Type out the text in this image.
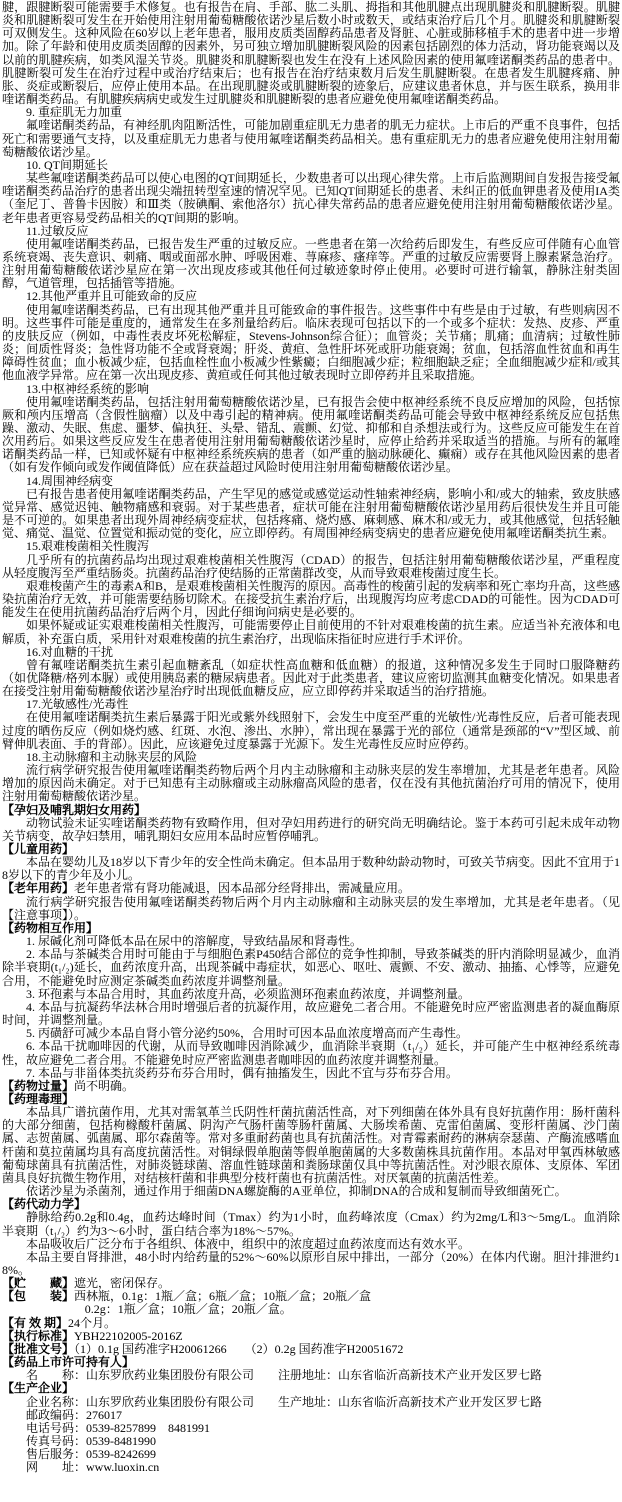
腱，跟腱断裂可能需要手术修复。也有报告在肩、手部、肱二头肌、拇指和其他肌腱点出现肌腱炎和肌腱断裂。肌腱炎和肌腱断裂可发生在开始使用注射用葡萄糖酸依诺沙星后数小时或数天，或结束治疗后几个月。肌腱炎和肌腱断裂可双侧发生。这种风险在60岁以上老年患者，服用皮质类固醇药品患者及肾脏、心脏或肺移植手术的患者中进一步增加。除了年龄和使用皮质类固醇的因素外，另可独立增加肌腱断裂风险的因素包括剧烈的体力活动，肾功能衰竭以及以前的肌腱疾病，如类风湿关节炎。肌腱炎和肌腱断裂也发生在没有上述风险因素的使用氟喹诺酮类药品的患者中。肌腱断裂可发生在治疗过程中或治疗结束后；也有报告在治疗结束数月后发生肌腱断裂。在患者发生肌腱疼痛、肿胀、炎症或断裂后，应停止使用本品。在出现肌腱炎或肌腱断裂的迹象后，应建议患者休息，并与医生联系，换用非喹诺酮类药品。有肌腱疾病病史或发生过肌腱炎和肌腱断裂的患者应避免使用氟喹诺酮类药品。

9. 重症肌无力加重

氟喹诺酮类药品，有神经肌肉阻断活性，可能加剧重症肌无力患者的肌无力症状。上市后的严重不良事件，包括死亡和需要通气支持，以及重症肌无力患者与使用氟喹诺酮类药品相关。患有重症肌无力的患者应避免使用注射用葡萄糖酸依诺沙星。

10. QT间期延长

某些氟喹诺酮类药品可以使心电图的QT间期延长，少数患者可以出现心律失常。上市后监测期间自发报告接受氟喹诺酮类药品治疗的患者出现尖端扭转型室速的情况罕见。已知QT间期延长的患者、未纠正的低血钾患者及使用IA类（奎尼丁、普鲁卡因胺）和Ⅲ类（胺碘酮、索他洛尔）抗心律失常药品的患者应避免使用注射用葡萄糖酸依诺沙星。老年患者更容易受药品相关的QT间期的影响。

11.过敏反应

使用氟喹诺酮类药品，已报告发生严重的过敏反应。一些患者在第一次给药后即发生，有些反应可伴随有心血管系统衰竭、丧失意识、刺痛、咽或面部水肿、呼吸困难、荨麻疹、瘙痒等。严重的过敏反应需要肾上腺素紧急治疗。注射用葡萄糖酸依诺沙星应在第一次出现皮疹或其他任何过敏迹象时停止使用。必要时可进行输氧，静脉注射类固醇，气道管理，包括插管等措施。

12.其他严重并且可能致命的反应

使用氟喹诺酮类药品，已有出现其他严重并且可能致命的事件报告。这些事件中有些是由于过敏，有些则病因不明。这些事件可能是重度的，通常发生在多剂量给药后。临床表现可包括以下的一个或多个症状：发热、皮疹、严重的皮肤反应（例如，中毒性表皮坏死松解症，Stevens-Johnson综合征）；血管炎；关节痛；肌痛；血清病；过敏性肺炎；间质性肾炎；急性肾功能不全或肾衰竭；肝炎、黄疸、急性肝坏死或肝功能衰竭；贫血，包括溶血性贫血和再生障碍性贫血；血小板减少症，包括血栓性血小板减少性紫癜；白细胞减少症；粒细胞缺乏症；全血细胞减少症和/或其他血液学异常。应在第一次出现皮疹、黄疸或任何其他过敏表现时立即停药并且采取措施。

13.中枢神经系统的影响

使用氟喹诺酮类药品，包括注射用葡萄糖酸依诺沙星，已有报告会使中枢神经系统不良反应增加的风险，包括惊厥和颅内压增高（含假性脑瘤）以及中毒引起的精神病。使用氟喹诺酮类药品可能会导致中枢神经系统反应包括焦躁、激动、失眠、焦虑、噩梦、偏执狂、头晕、错乱、震颤、幻觉、抑郁和自杀想法或行为。这些反应可能发生在首次用药后。如果这些反应发生在患者使用注射用葡萄糖酸依诺沙星时，应停止给药并采取适当的措施。与所有的氟喹诺酮类药品一样，已知或怀疑有中枢神经系统疾病的患者（如严重的脑动脉硬化、癫痫）或存在其他风险因素的患者（如有发作倾向或发作阈值降低）应在获益超过风险时使用注射用葡萄糖酸依诺沙星。

14.周围神经病变

已有报告患者使用氟喹诺酮类药品，产生罕见的感觉或感觉运动性轴索神经病，影响小和/或大的轴索，致皮肤感觉异常、感觉迟钝、触物痛感和衰弱。对于某些患者，症状可能在注射用葡萄糖酸依诺沙星用药后很快发生并且可能是不可逆的。如果患者出现外周神经病变症状，包括疼痛、烧灼感、麻刺感、麻木和/或无力，或其他感觉，包括轻触觉、痛觉、温觉、位置觉和振动觉的变化，应立即停药。有周围神经病变病史的患者应避免使用氟喹诺酮类抗生素。

15.艰难梭菌相关性腹泻

几乎所有的抗菌药品均出现过艰难梭菌相关性腹泻（CDAD）的报告，包括注射用葡萄糖酸依诺沙星，严重程度从轻度腹泻至严重结肠炎。抗菌药品治疗使结肠的正常菌群改变，从而导致艰难梭菌过度生长。

艰难梭菌产生的毒素A和B，是艰难梭菌相关性腹泻的原因。高毒性的梭菌引起的发病率和死亡率均升高，这些感染抗菌治疗无效，并可能需要结肠切除术。在接受抗生素治疗后，出现腹泻均应考虑CDAD的可能性。因为CDAD可能发生在使用抗菌药品治疗后两个月，因此仔细询问病史是必要的。

如果怀疑或证实艰难梭菌相关性腹泻，可能需要停止目前使用的不针对艰难梭菌的抗生素。应适当补充液体和电解质，补充蛋白质，采用针对艰难梭菌的抗生素治疗，出现临床指征时应进行手术评价。

16.对血糖的干扰

曾有氟喹诺酮类抗生素引起血糖紊乱（如症状性高血糖和低血糖）的报道，这种情况多发生于同时口服降糖药（如优降糖/格列本脲）或使用胰岛素的糖尿病患者。因此对于此类患者，建议应密切监测其血糖变化情况。如果患者在接受注射用葡萄糖酸依诺沙星治疗时出现低血糖反应，应立即停药并采取适当的治疗措施。

17.光敏感性/光毒性

在使用氟喹诺酮类抗生素后暴露于阳光或紫外线照射下，会发生中度至严重的光敏性/光毒性反应，后者可能表现过度的晒伤反应（例如烧灼感、红斑、水泡、渗出、水肿），常出现在暴露于光的部位（通常是颈部的“V”型区域、前臂伸肌表面、手的背部）。因此，应该避免过度暴露于光源下。发生光毒性反应时应停药。

18.主动脉瘤和主动脉夹层的风险

流行病学研究报告使用氟喹诺酮类药物后两个月内主动脉瘤和主动脉夹层的发生率增加，尤其是老年患者。风险增加的原因尚未确定。对于已知患有主动脉瘤或主动脉瘤高风险的患者，仅在没有其他抗菌治疗可用的情况下，使用注射用葡萄糖酸依诺沙星。

【孕妇及哺乳期妇女用药】

动物试验未证实喹诺酮类药物有致畸作用，但对孕妇用药进行的研究尚无明确结论。鉴于本药可引起未成年动物关节病变，故孕妇禁用，哺乳期妇女应用本品时应暂停哺乳。

【儿童用药】

本品在婴幼儿及18岁以下青少年的安全性尚未确定。但本品用于数种幼龄动物时，可致关节病变。因此不宜用于18岁以下的青少年及小儿。

【老年用药】老年患者常有肾功能减退，因本品部分经肾排出，需减量应用。

流行病学研究报告使用氟喹诺酮类药物后两个月内主动脉瘤和主动脉夹层的发生率增加，尤其是老年患者。（见【注意事项】）。

【药物相互作用】

1. 尿碱化剂可降低本品在尿中的溶解度，导致结晶尿和肾毒性。

2. 本品与茶碱类合用时可能由于与细胞色素P450结合部位的竞争性抑制，导致茶碱类的肝内消除明显减少，血消除半衰期(t₁/₂)延长，血药浓度升高，出现茶碱中毒症状，如恶心、呕吐、震颤、不安、激动、抽搐、心悸等，应避免合用，不能避免时应测定茶碱类血药浓度并调整剂量。

3. 环孢素与本品合用时，其血药浓度升高，必须监测环孢素血药浓度，并调整剂量。

4. 本品与抗凝药华法林合用时增强后者的抗凝作用，故应避免二者合用。不能避免时应严密监测患者的凝血酶原时间，并调整剂量。

5. 丙磺舒可减少本品自肾小管分泌约50%，合用时可因本品血浓度增高而产生毒性。

6. 本品干扰咖啡因的代谢，从而导致咖啡因消除减少，血消除半衰期（t₁/₂）延长，并可能产生中枢神经系统毒性，故应避免二者合用。不能避免时应严密监测患者咖啡因的血药浓度并调整剂量。

7. 本品与非甾体类抗炎药芬布芬合用时，偶有抽搐发生，因此不宜与芬布芬合用。

【药物过量】尚不明确。

【药理毒理】

本品具广谱抗菌作用，尤其对需氧革兰氏阴性杆菌抗菌活性高，对下列细菌在体外具有良好抗菌作用：肠杆菌科的大部分细菌，包括枸橼酸杆菌属、阴沟产气肠杆菌等肠杆菌属、大肠埃希菌、克雷伯菌属、变形杆菌属、沙门菌属、志贺菌属、弧菌属、耶尔森菌等。常对多重耐药菌也具有抗菌活性。对青霉素耐药的淋病奈瑟菌、产酶流感嗜血杆菌和莫拉菌属均具有高度抗菌活性。对铜绿假单胞菌等假单胞菌属的大多数菌株具抗菌作用。本品对甲氧西林敏感葡萄球菌具有抗菌活性，对肺炎链球菌、溶血性链球菌和粪肠球菌仅具中等抗菌活性。对沙眼衣原体、支原体、军团菌具良好抗微生物作用，对结核杆菌和非典型分枝杆菌也有抗菌活性。对厌氧菌的抗菌活性差。

依诺沙星为杀菌剂，通过作用于细菌DNA螺旋酶的A亚单位，抑制DNA的合成和复制而导致细菌死亡。

【药代动力学】

静脉给药0.2g和0.4g，血药达峰时间（Tmax）约为1小时，血药峰浓度（Cmax）约为2mg/L和3～5mg/L。血消除半衰期（t₁/₂）约为3～6小时，蛋白结合率为18%～57%。

本品吸收后广泛分布于各组织、体液中，组织中的浓度超过血药浓度而达有效水平。

本品主要自肾排泄，48小时内给药量的52%～60%以原形自尿中排出，一部分（20%）在体内代谢。胆汁排泄约18%。

【贮　　藏】遮光，密闭保存。

【包　　装】西林瓶，0.1g：1瓶／盒；6瓶／盒；10瓶／盒；20瓶／盒

0.2g：1瓶／盒；10瓶／盒；20瓶／盒。

【有 效 期】24个月。

【执行标准】YBH22102005-2016Z

【批准文号】（1）0.1g 国药准字H20061266　　（2）0.2g 国药准字H20051672

【药品上市许可持有人】

名　　称：山东罗欣药业集团股份有限公司　　注册地址：山东省临沂高新技术产业开发区罗七路

【生产企业】

企业名称：山东罗欣药业集团股份有限公司　　生产地址：山东省临沂高新技术产业开发区罗七路

邮政编码：276017

电话号码：0539-8257899　8481991

传真号码：0539-8481990

售后服务：0539-8242699

网　　址：www.luoxin.cn
